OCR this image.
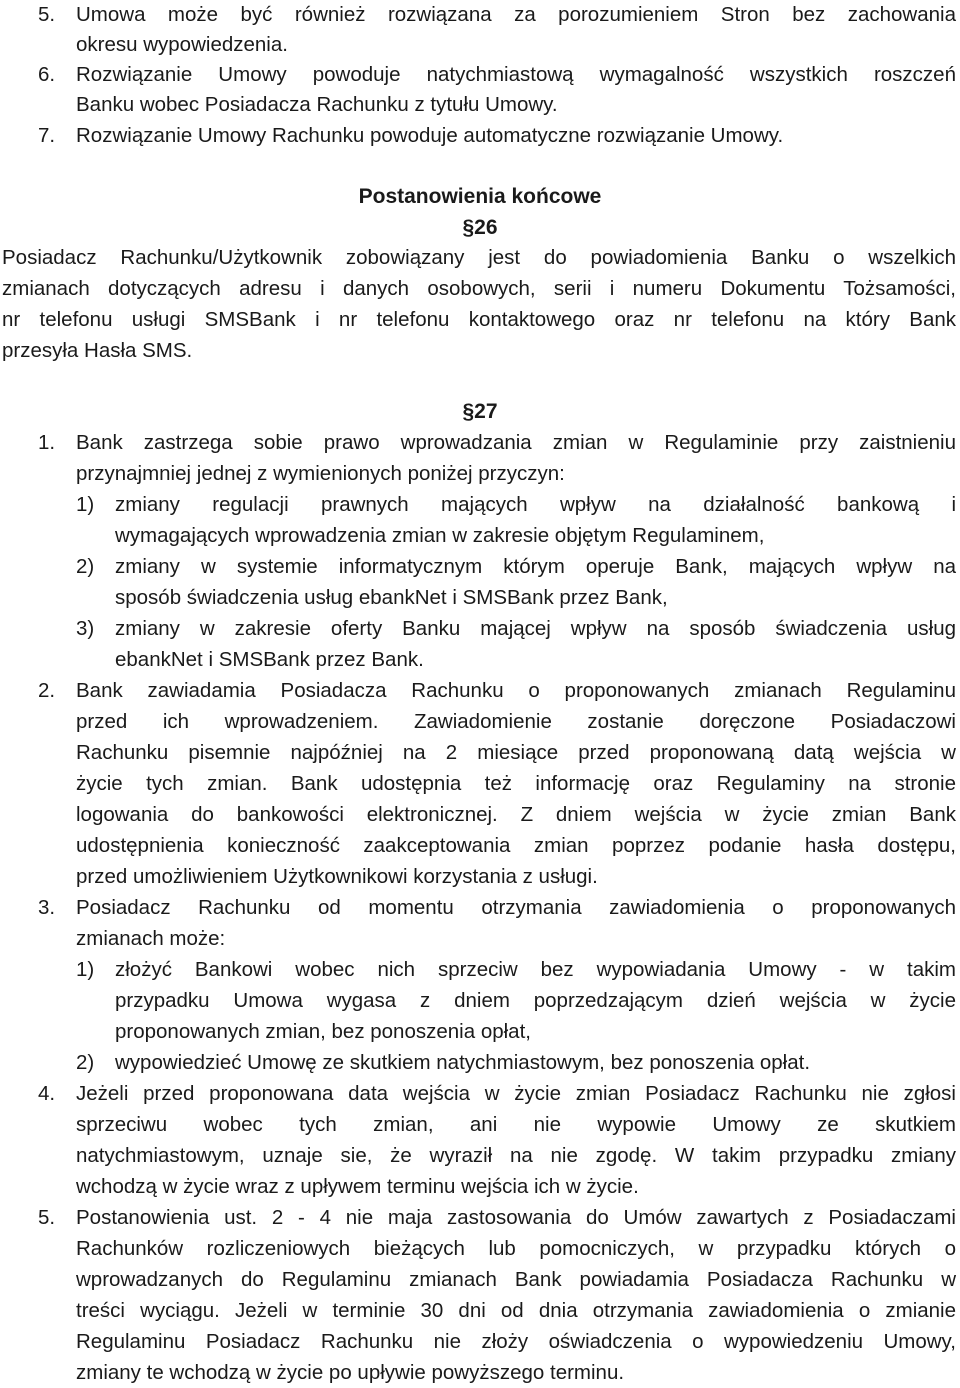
5. Umowa może być również rozwiązana za porozumieniem Stron bez zachowania
okresu wypowiedzenia.
6. Rozwiązanie Umowy powoduje natychmiastową wymagalność wszystkich roszczeń
Banku wobec Posiadacza Rachunku z tytułu Umowy.
7. Rozwiązanie Umowy Rachunku powoduje automatyczne rozwiązanie Umowy.
Postanowienia końcowe
§26
Posiadacz Rachunku/Użytkownik zobowiązany jest do powiadomienia Banku o wszelkich
zmianach dotyczących adresu i danych osobowych, serii i numeru Dokumentu Tożsamości,
nr telefonu usługi SMSBank i nr telefonu kontaktowego oraz nr telefonu na który Bank
przesyła Hasła SMS.
§27
1. Bank zastrzega sobie prawo wprowadzania zmian w Regulaminie przy zaistnieniu
przynajmniej jednej z wymienionych poniżej przyczyn:
1) zmiany regulacji prawnych mających wpływ na działalność bankową i
wymagających wprowadzenia zmian w zakresie objętym Regulaminem,
2) zmiany w systemie informatycznym którym operuje Bank, mających wpływ na
sposób świadczenia usług ebankNet i SMSBank przez Bank,
3) zmiany w zakresie oferty Banku mającej wpływ na sposób świadczenia usług
ebankNet i SMSBank przez Bank.
2. Bank zawiadamia Posiadacza Rachunku o proponowanych zmianach Regulaminu
przed ich wprowadzeniem. Zawiadomienie zostanie doręczone Posiadaczowi
Rachunku pisemnie najpóźniej na 2 miesiące przed proponowaną datą wejścia w
życie tych zmian. Bank udostępnia też informację oraz Regulaminy na stronie
logowania do bankowości elektronicznej. Z dniem wejścia w życie zmian Bank
udostępnienia konieczność zaakceptowania zmian poprzez podanie hasła dostępu,
przed umożliwieniem Użytkownikowi korzystania z usługi.
3. Posiadacz Rachunku od momentu otrzymania zawiadomienia o proponowanych
zmianach może:
1) złożyć Bankowi wobec nich sprzeciw bez wypowiadania Umowy - w takim
przypadku Umowa wygasa z dniem poprzedzającym dzień wejścia w życie
proponowanych zmian, bez ponoszenia opłat,
2) wypowiedzieć Umowę ze skutkiem natychmiastowym, bez ponoszenia opłat.
4. Jeżeli przed proponowana data wejścia w życie zmian Posiadacz Rachunku nie zgłosi
sprzeciwu wobec tych zmian, ani nie wypowie Umowy ze skutkiem
natychmiastowym, uznaje sie, że wyraził na nie zgodę. W takim przypadku zmiany
wchodzą w życie wraz z upływem terminu wejścia ich w życie.
5. Postanowienia ust. 2 - 4 nie maja zastosowania do Umów zawartych z Posiadaczami
Rachunków rozliczeniowych bieżących lub pomocniczych, w przypadku których o
wprowadzanych do Regulaminu zmianach Bank powiadamia Posiadacza Rachunku w
treści wyciągu. Jeżeli w terminie 30 dni od dnia otrzymania zawiadomienia o zmianie
Regulaminu Posiadacz Rachunku nie złoży oświadczenia o wypowiedzeniu Umowy,
zmiany te wchodzą w życie po upływie powyższego terminu.
